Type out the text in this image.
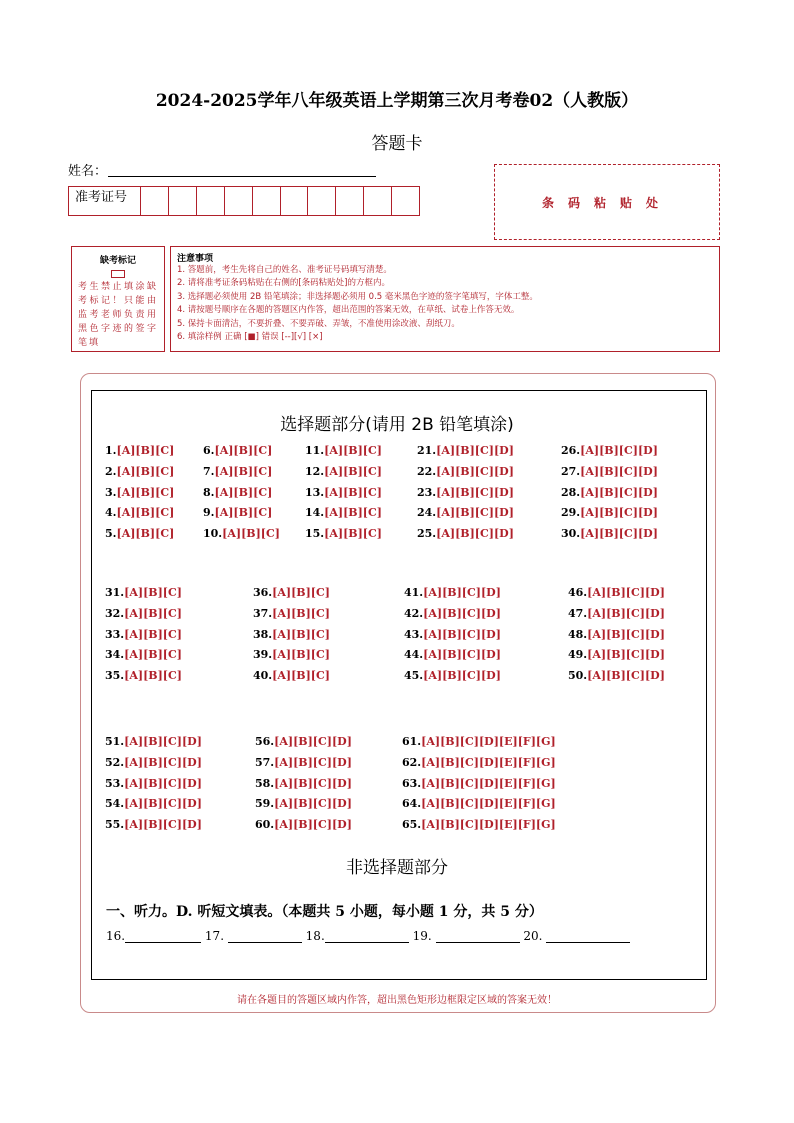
2024-2025学年八年级英语上学期第三次月考卷02（人教版）
答题卡
姓名：
准考证号	条码粘贴处
缺考标记
考生禁止填涂缺考标记！只能由监考老师负责用黑色字迹的签字笔填
注意事项
1. 答题前，考生先将自己的姓名、准考证号码填写清楚。
2. 请将准考证条码粘贴在右侧的[条码粘贴处]的方框内。
3. 选择题必须使用 2B 铅笔填涂；非选择题必须用 0.5 毫米黑色字迹的签字笔填写，字体工整。
4. 请按题号顺序在各题的答题区内作答，超出范围的答案无效，在草纸、试卷上作答无效。
5. 保持卡面清洁，不要折叠、不要弄破、弄皱，不准使用涂改液、刮纸刀。
6. 填涂样例 正确 [■] 错误 [--][√] [×]
选择题部分(请用 2B 铅笔填涂)
1.[A][B][C]
2.[A][B][C]
3.[A][B][C]
4.[A][B][C]
5.[A][B][C]
6.[A][B][C]
7.[A][B][C]
8.[A][B][C]
9.[A][B][C]
10.[A][B][C]
11.[A][B][C]
12.[A][B][C]
13.[A][B][C]
14.[A][B][C]
15.[A][B][C]
21.[A][B][C][D]
22.[A][B][C][D]
23.[A][B][C][D]
24.[A][B][C][D]
25.[A][B][C][D]
26.[A][B][C][D]
27.[A][B][C][D]
28.[A][B][C][D]
29.[A][B][C][D]
30.[A][B][C][D]
31.[A][B][C]
32.[A][B][C]
33.[A][B][C]
34.[A][B][C]
35.[A][B][C]
36.[A][B][C]
37.[A][B][C]
38.[A][B][C]
39.[A][B][C]
40.[A][B][C]
41.[A][B][C][D]
42.[A][B][C][D]
43.[A][B][C][D]
44.[A][B][C][D]
45.[A][B][C][D]
46.[A][B][C][D]
47.[A][B][C][D]
48.[A][B][C][D]
49.[A][B][C][D]
50.[A][B][C][D]
51.[A][B][C][D]
52.[A][B][C][D]
53.[A][B][C][D]
54.[A][B][C][D]
55.[A][B][C][D]
56.[A][B][C][D]
57.[A][B][C][D]
58.[A][B][C][D]
59.[A][B][C][D]
60.[A][B][C][D]
61.[A][B][C][D][E][F][G]
62.[A][B][C][D][E][F][G]
63.[A][B][C][D][E][F][G]
64.[A][B][C][D][E][F][G]
65.[A][B][C][D][E][F][G]
非选择题部分
一、听力。D. 听短文填表。（本题共 5 小题，每小题 1 分，共 5 分）
16.	17.	18.	19.	20.
请在各题目的答题区域内作答，超出黑色矩形边框限定区域的答案无效！
